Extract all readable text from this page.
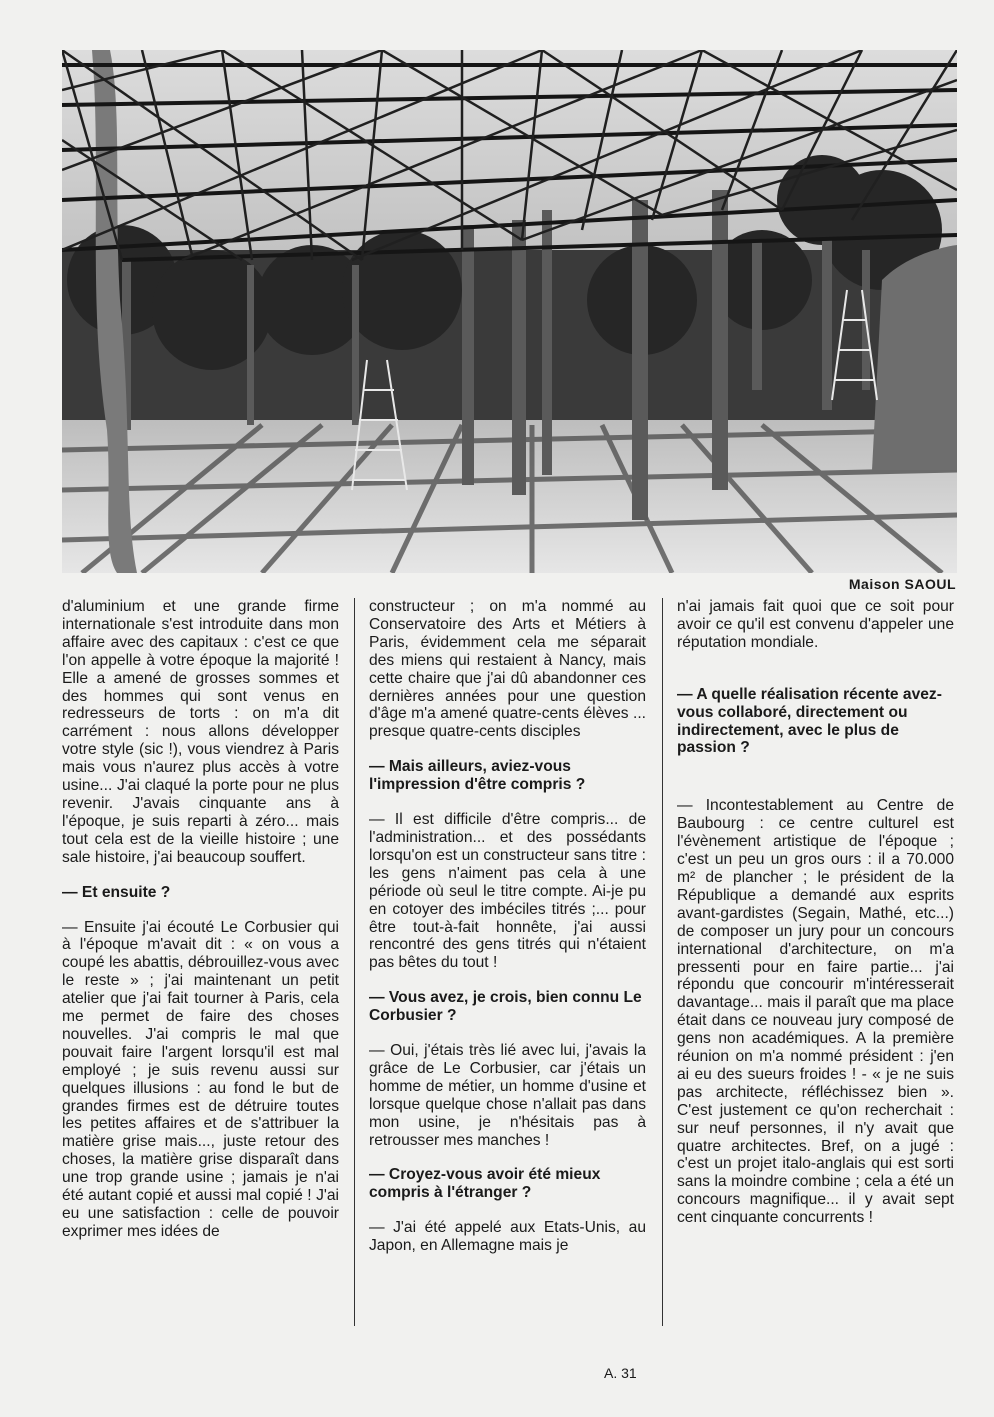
Maison SAOUL

d'aluminium et une grande firme internationale s'est introduite dans mon affaire avec des capitaux : c'est ce que l'on appelle à votre époque la majorité ! Elle a amené de grosses sommes et des hommes qui sont venus en redresseurs de torts : on m'a dit carrément : nous allons développer votre style (sic !), vous viendrez à Paris mais vous n'aurez plus accès à votre usine... J'ai claqué la porte pour ne plus revenir. J'avais cinquante ans à l'époque, je suis reparti à zéro... mais tout cela est de la vieille histoire ; une sale histoire, j'ai beaucoup souffert.

— Et ensuite ?

— Ensuite j'ai écouté Le Corbusier qui à l'époque m'avait dit : « on vous a coupé les abattis, débrouillez-vous avec le reste » ; j'ai maintenant un petit atelier que j'ai fait tourner à Paris, cela me permet de faire des choses nouvelles. J'ai compris le mal que pouvait faire l'argent lorsqu'il est mal employé ; je suis revenu aussi sur quelques illusions : au fond le but de grandes firmes est de détruire toutes les petites affaires et de s'attribuer la matière grise mais..., juste retour des choses, la matière grise disparaît dans une trop grande usine ; jamais je n'ai été autant copié et aussi mal copié ! J'ai eu une satisfaction : celle de pouvoir exprimer mes idées de

constructeur ; on m'a nommé au Conservatoire des Arts et Métiers à Paris, évidemment cela me séparait des miens qui restaient à Nancy, mais cette chaire que j'ai dû abandonner ces dernières années pour une question d'âge m'a amené quatre-cents élèves ... presque quatre-cents disciples

— Mais ailleurs, aviez-vous l'impression d'être compris ?

— Il est difficile d'être compris... de l'administration... et des possédants lorsqu'on est un constructeur sans titre : les gens n'aiment pas cela à une période où seul le titre compte. Ai-je pu en cotoyer des imbéciles titrés ;... pour être tout-à-fait honnête, j'ai aussi rencontré des gens titrés qui n'étaient pas bêtes du tout !

— Vous avez, je crois, bien connu Le Corbusier ?

— Oui, j'étais très lié avec lui, j'avais la grâce de Le Corbusier, car j'étais un homme de métier, un homme d'usine et lorsque quelque chose n'allait pas dans mon usine, je n'hésitais pas à retrousser mes manches !

— Croyez-vous avoir été mieux compris à l'étranger ?

— J'ai été appelé aux Etats-Unis, au Japon, en Allemagne mais je

n'ai jamais fait quoi que ce soit pour avoir ce qu'il est convenu d'appeler une réputation mondiale.

— A quelle réalisation récente avez-vous collaboré, directement ou indirectement, avec le plus de passion ?

— Incontestablement au Centre de Baubourg : ce centre culturel est l'évènement artistique de l'époque ; c'est un peu un gros ours : il a 70.000 m² de plancher ; le président de la République a demandé aux esprits avant-gardistes (Segain, Mathé, etc...) de composer un jury pour un concours international d'architecture, on m'a pressenti pour en faire partie... j'ai répondu que concourir m'intéresserait davantage... mais il paraît que ma place était dans ce nouveau jury composé de gens non académiques. A la première réunion on m'a nommé président : j'en ai eu des sueurs froides ! - « je ne suis pas architecte, réfléchissez bien ». C'est justement ce qu'on recherchait : sur neuf personnes, il n'y avait que quatre architectes. Bref, on a jugé : c'est un projet italo-anglais qui est sorti sans la moindre combine ; cela a été un concours magnifique... il y avait sept cent cinquante concurrents !

A. 31
